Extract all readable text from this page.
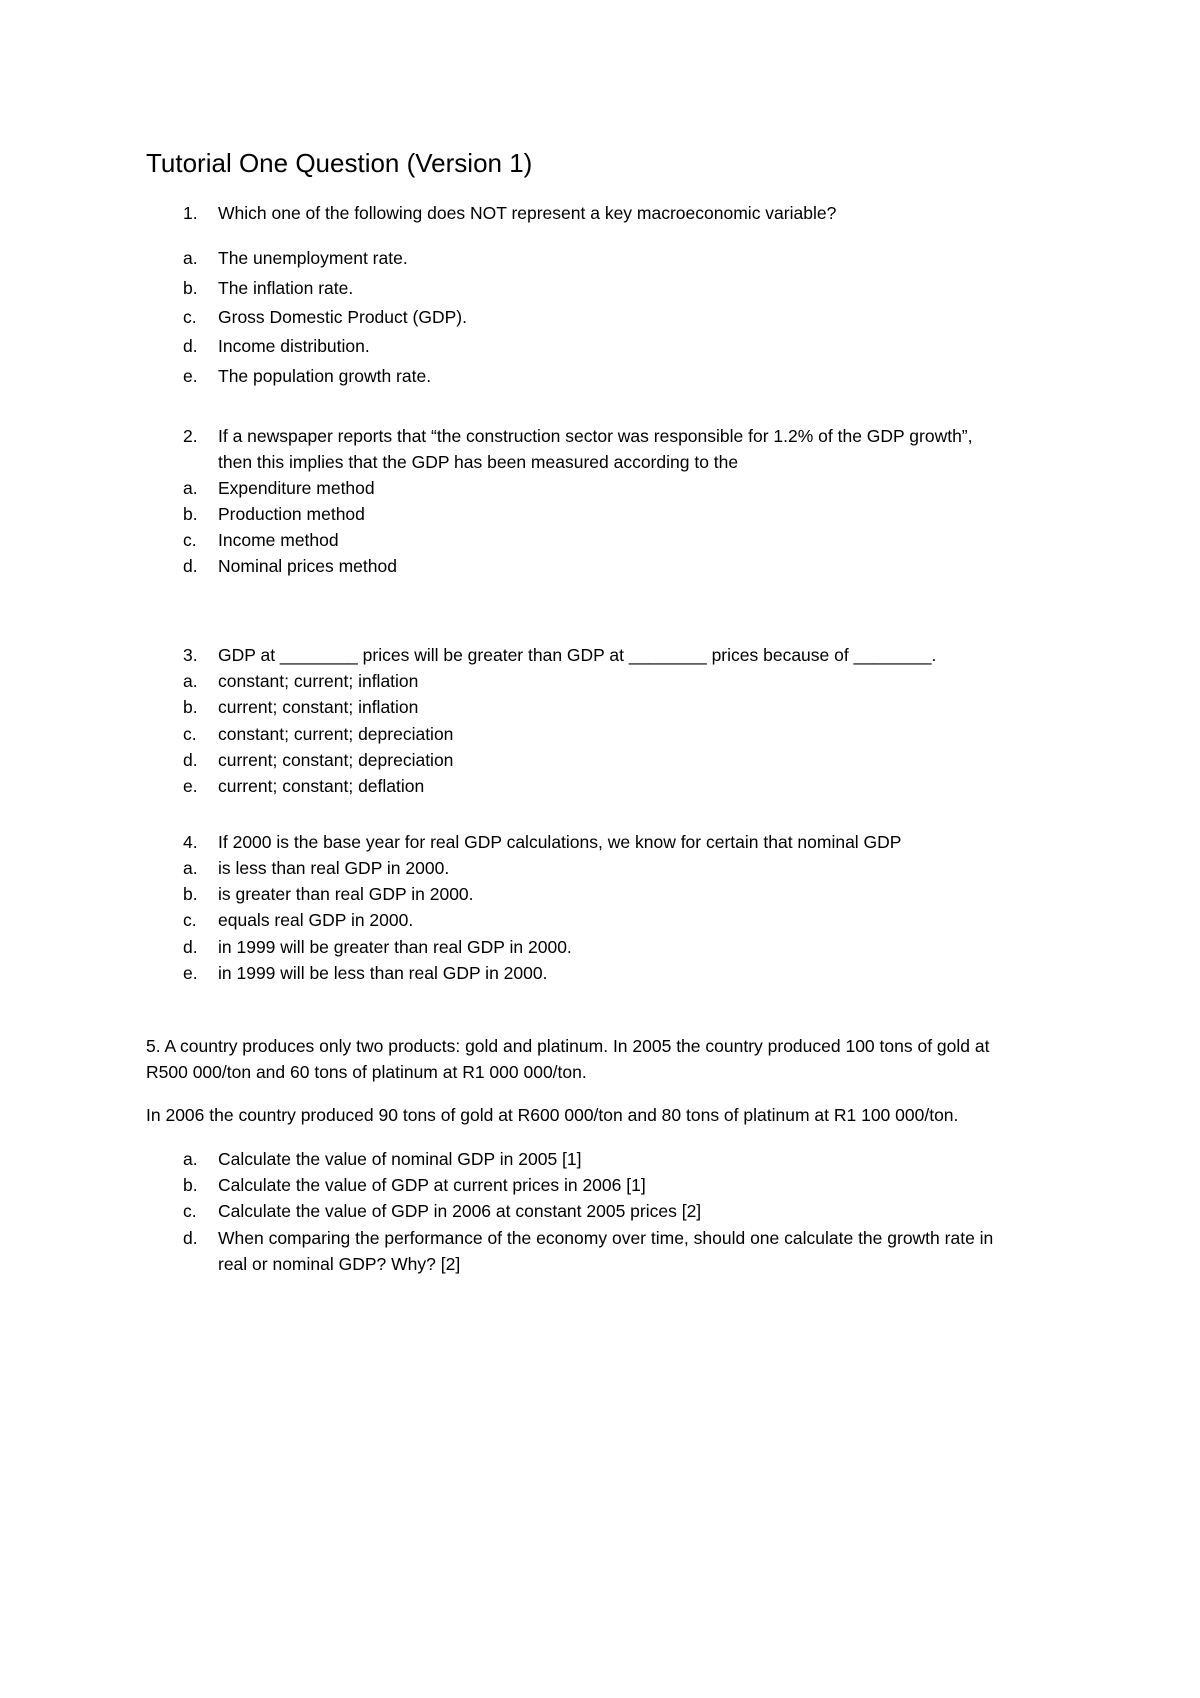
Tutorial One Question (Version 1)
1. Which one of the following does NOT represent a key macroeconomic variable?
a. The unemployment rate.
b. The inflation rate.
c. Gross Domestic Product (GDP).
d. Income distribution.
e. The population growth rate.
2. If a newspaper reports that “the construction sector was responsible for 1.2% of the GDP growth”,
then this implies that the GDP has been measured according to the
a. Expenditure method
b. Production method
c. Income method
d. Nominal prices method
3. GDP at ________ prices will be greater than GDP at ________ prices because of ________.
a. constant; current; inflation
b. current; constant; inflation
c. constant; current; depreciation
d. current; constant; depreciation
e. current; constant; deflation
4. If 2000 is the base year for real GDP calculations, we know for certain that nominal GDP
a. is less than real GDP in 2000.
b. is greater than real GDP in 2000.
c. equals real GDP in 2000.
d. in 1999 will be greater than real GDP in 2000.
e. in 1999 will be less than real GDP in 2000.
5. A country produces only two products: gold and platinum. In 2005 the country produced 100 tons of gold at
R500 000/ton and 60 tons of platinum at R1 000 000/ton.
In 2006 the country produced 90 tons of gold at R600 000/ton and 80 tons of platinum at R1 100 000/ton.
a. Calculate the value of nominal GDP in 2005 [1]
b. Calculate the value of GDP at current prices in 2006 [1]
c. Calculate the value of GDP in 2006 at constant 2005 prices [2]
d. When comparing the performance of the economy over time, should one calculate the growth rate in
real or nominal GDP? Why? [2]
